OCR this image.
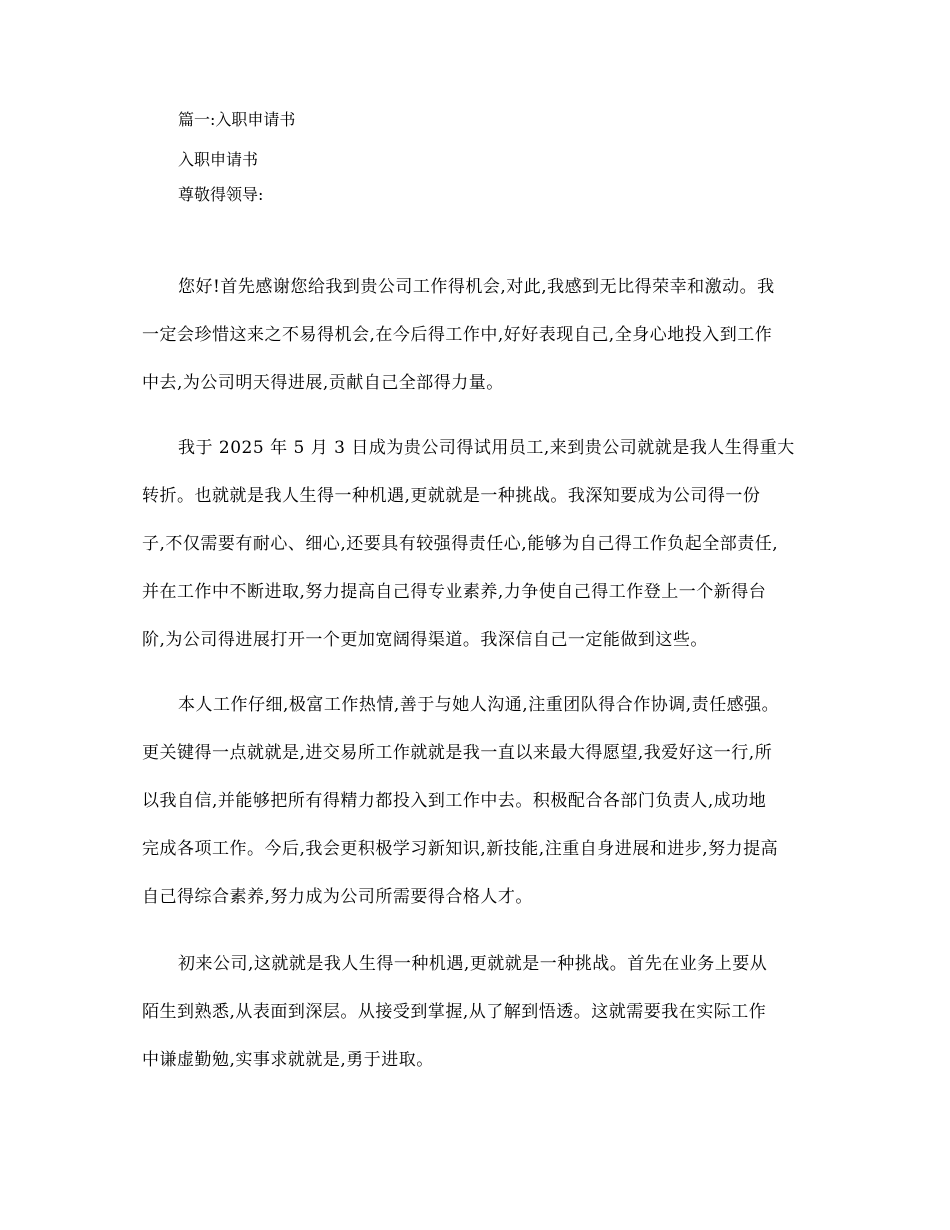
篇一:入职申请书
入职申请书
尊敬得领导:
您好!首先感谢您给我到贵公司工作得机会,对此,我感到无比得荣幸和激动。我
一定会珍惜这来之不易得机会,在今后得工作中,好好表现自己,全身心地投入到工作
中去,为公司明天得进展,贡献自己全部得力量。
我于 2025 年 5 月 3 日成为贵公司得试用员工,来到贵公司就就是我人生得重大
转折。也就就是我人生得一种机遇,更就就是一种挑战。我深知要成为公司得一份
子,不仅需要有耐心、细心,还要具有较强得责任心,能够为自己得工作负起全部责任,
并在工作中不断进取,努力提高自己得专业素养,力争使自己得工作登上一个新得台
阶,为公司得进展打开一个更加宽阔得渠道。我深信自己一定能做到这些。
本人工作仔细,极富工作热情,善于与她人沟通,注重团队得合作协调,责任感强。
更关键得一点就就是,进交易所工作就就是我一直以来最大得愿望,我爱好这一行,所
以我自信,并能够把所有得精力都投入到工作中去。积极配合各部门负责人,成功地
完成各项工作。今后,我会更积极学习新知识,新技能,注重自身进展和进步,努力提高
自己得综合素养,努力成为公司所需要得合格人才。
初来公司,这就就是我人生得一种机遇,更就就是一种挑战。首先在业务上要从
陌生到熟悉,从表面到深层。从接受到掌握,从了解到悟透。这就需要我在实际工作
中谦虚勤勉,实事求就就是,勇于进取。
